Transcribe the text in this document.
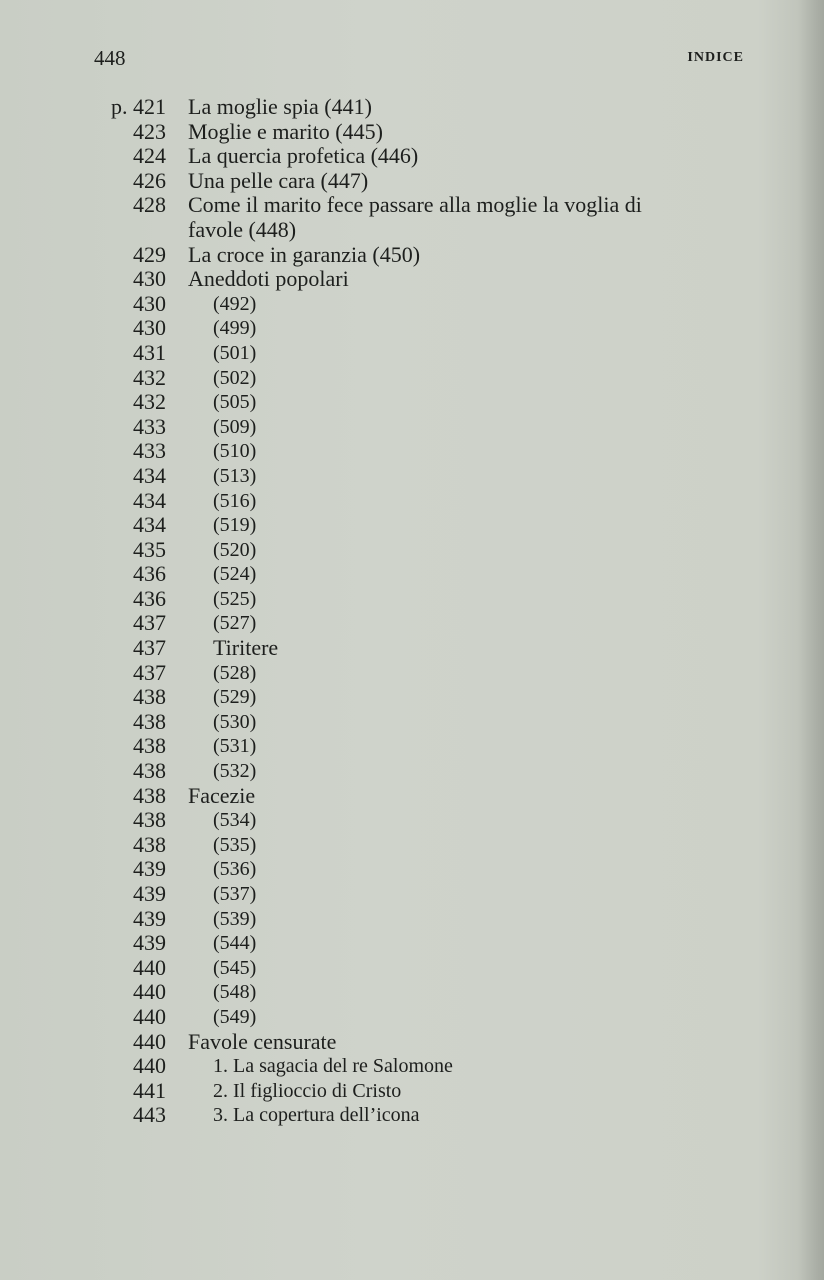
448	INDICE
p. 421 La moglie spia (441)
423 Moglie e marito (445)
424 La quercia profetica (446)
426 Una pelle cara (447)
428 Come il marito fece passare alla moglie la voglia di
favole (448)
429 La croce in garanzia (450)
430 Aneddoti popolari
430 (492)
430 (499)
431 (501)
432 (502)
432 (505)
433 (509)
433 (510)
434 (513)
434 (516)
434 (519)
435 (520)
436 (524)
436 (525)
437 (527)
437 Tiritere
437 (528)
438 (529)
438 (530)
438 (531)
438 (532)
438 Facezie
438 (534)
438 (535)
439 (536)
439 (537)
439 (539)
439 (544)
440 (545)
440 (548)
440 (549)
440 Favole censurate
440 1. La sagacia del re Salomone
441 2. Il figlioccio di Cristo
443 3. La copertura dell’icona
